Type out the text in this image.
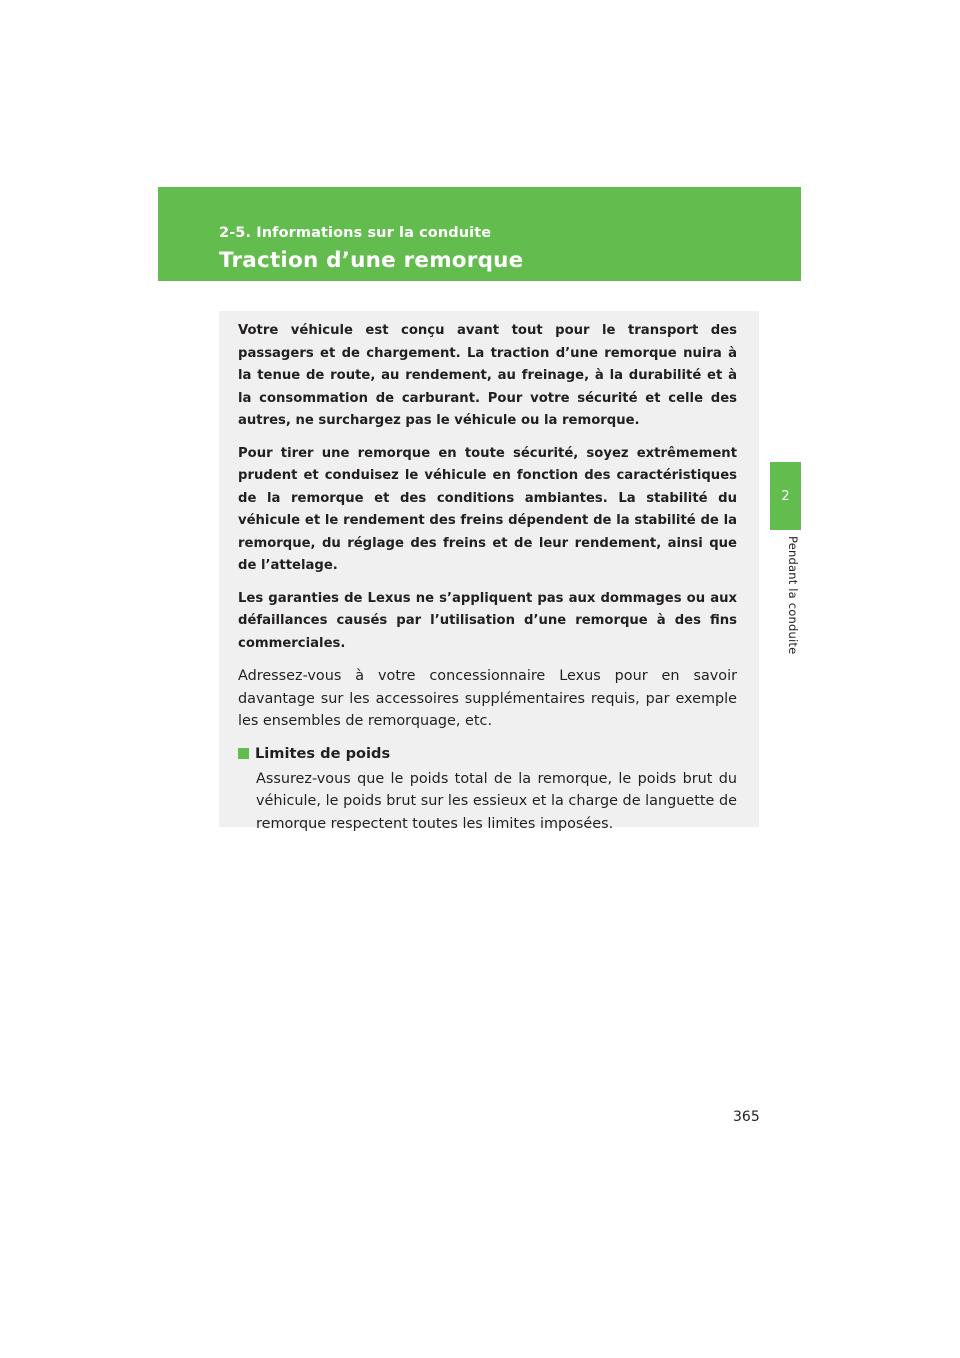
2-5. Informations sur la conduite
Traction d’une remorque
2
Pendant la conduite

Votre véhicule est conçu avant tout pour le transport des passagers et de chargement. La traction d’une remorque nuira à la tenue de route, au rendement, au freinage, à la durabilité et à la consommation de carburant. Pour votre sécurité et celle des autres, ne surchargez pas le véhicule ou la remorque.

Pour tirer une remorque en toute sécurité, soyez extrêmement prudent et conduisez le véhicule en fonction des caractéristiques de la remorque et des conditions ambiantes. La stabilité du véhicule et le rendement des freins dépendent de la stabilité de la remorque, du réglage des freins et de leur rendement, ainsi que de l’attelage.

Les garanties de Lexus ne s’appliquent pas aux dommages ou aux défaillances causés par l’utilisation d’une remorque à des fins commerciales.

Adressez-vous à votre concessionnaire Lexus pour en savoir davantage sur les accessoires supplémentaires requis, par exemple les ensembles de remorquage, etc.

Limites de poids

Assurez-vous que le poids total de la remorque, le poids brut du véhicule, le poids brut sur les essieux et la charge de languette de remorque respectent toutes les limites imposées.

365
